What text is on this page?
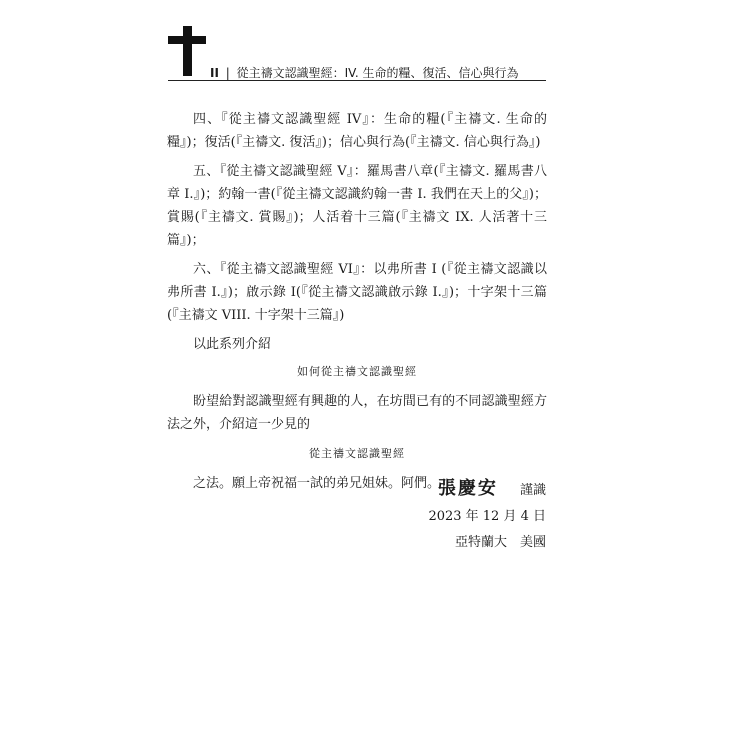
II | 從主禱文認識聖經：IV. 生命的糧、復活、信心與行為

四、『從主禱文認識聖經 IV』：生命的糧(『主禱文. 生命的糧』)；復活(『主禱文. 復活』)；信心與行為(『主禱文. 信心與行為』)

五、『從主禱文認識聖經 V』：羅馬書八章(『主禱文. 羅馬書八章 I.』)；約翰一書(『從主禱文認識約翰一書 I. 我們在天上的父』)；賞賜(『主禱文. 賞賜』)；人活着十三篇(『主禱文 IX. 人活著十三篇』)；

六、『從主禱文認識聖經 VI』：以弗所書 I (『從主禱文認識以弗所書 I.』)；啟示錄 I(『從主禱文認識啟示錄 I.』)；十字架十三篇(『主禱文 VIII. 十字架十三篇』)

以此系列介紹

如何從主禱文認識聖經

盼望給對認識聖經有興趣的人，在坊間已有的不同認識聖經方法之外，介紹這一少見的

從主禱文認識聖經

之法。願上帝祝福一試的弟兄姐妹。阿們。

張慶安 謹識
2023 年 12 月 4 日
亞特蘭大　美國
